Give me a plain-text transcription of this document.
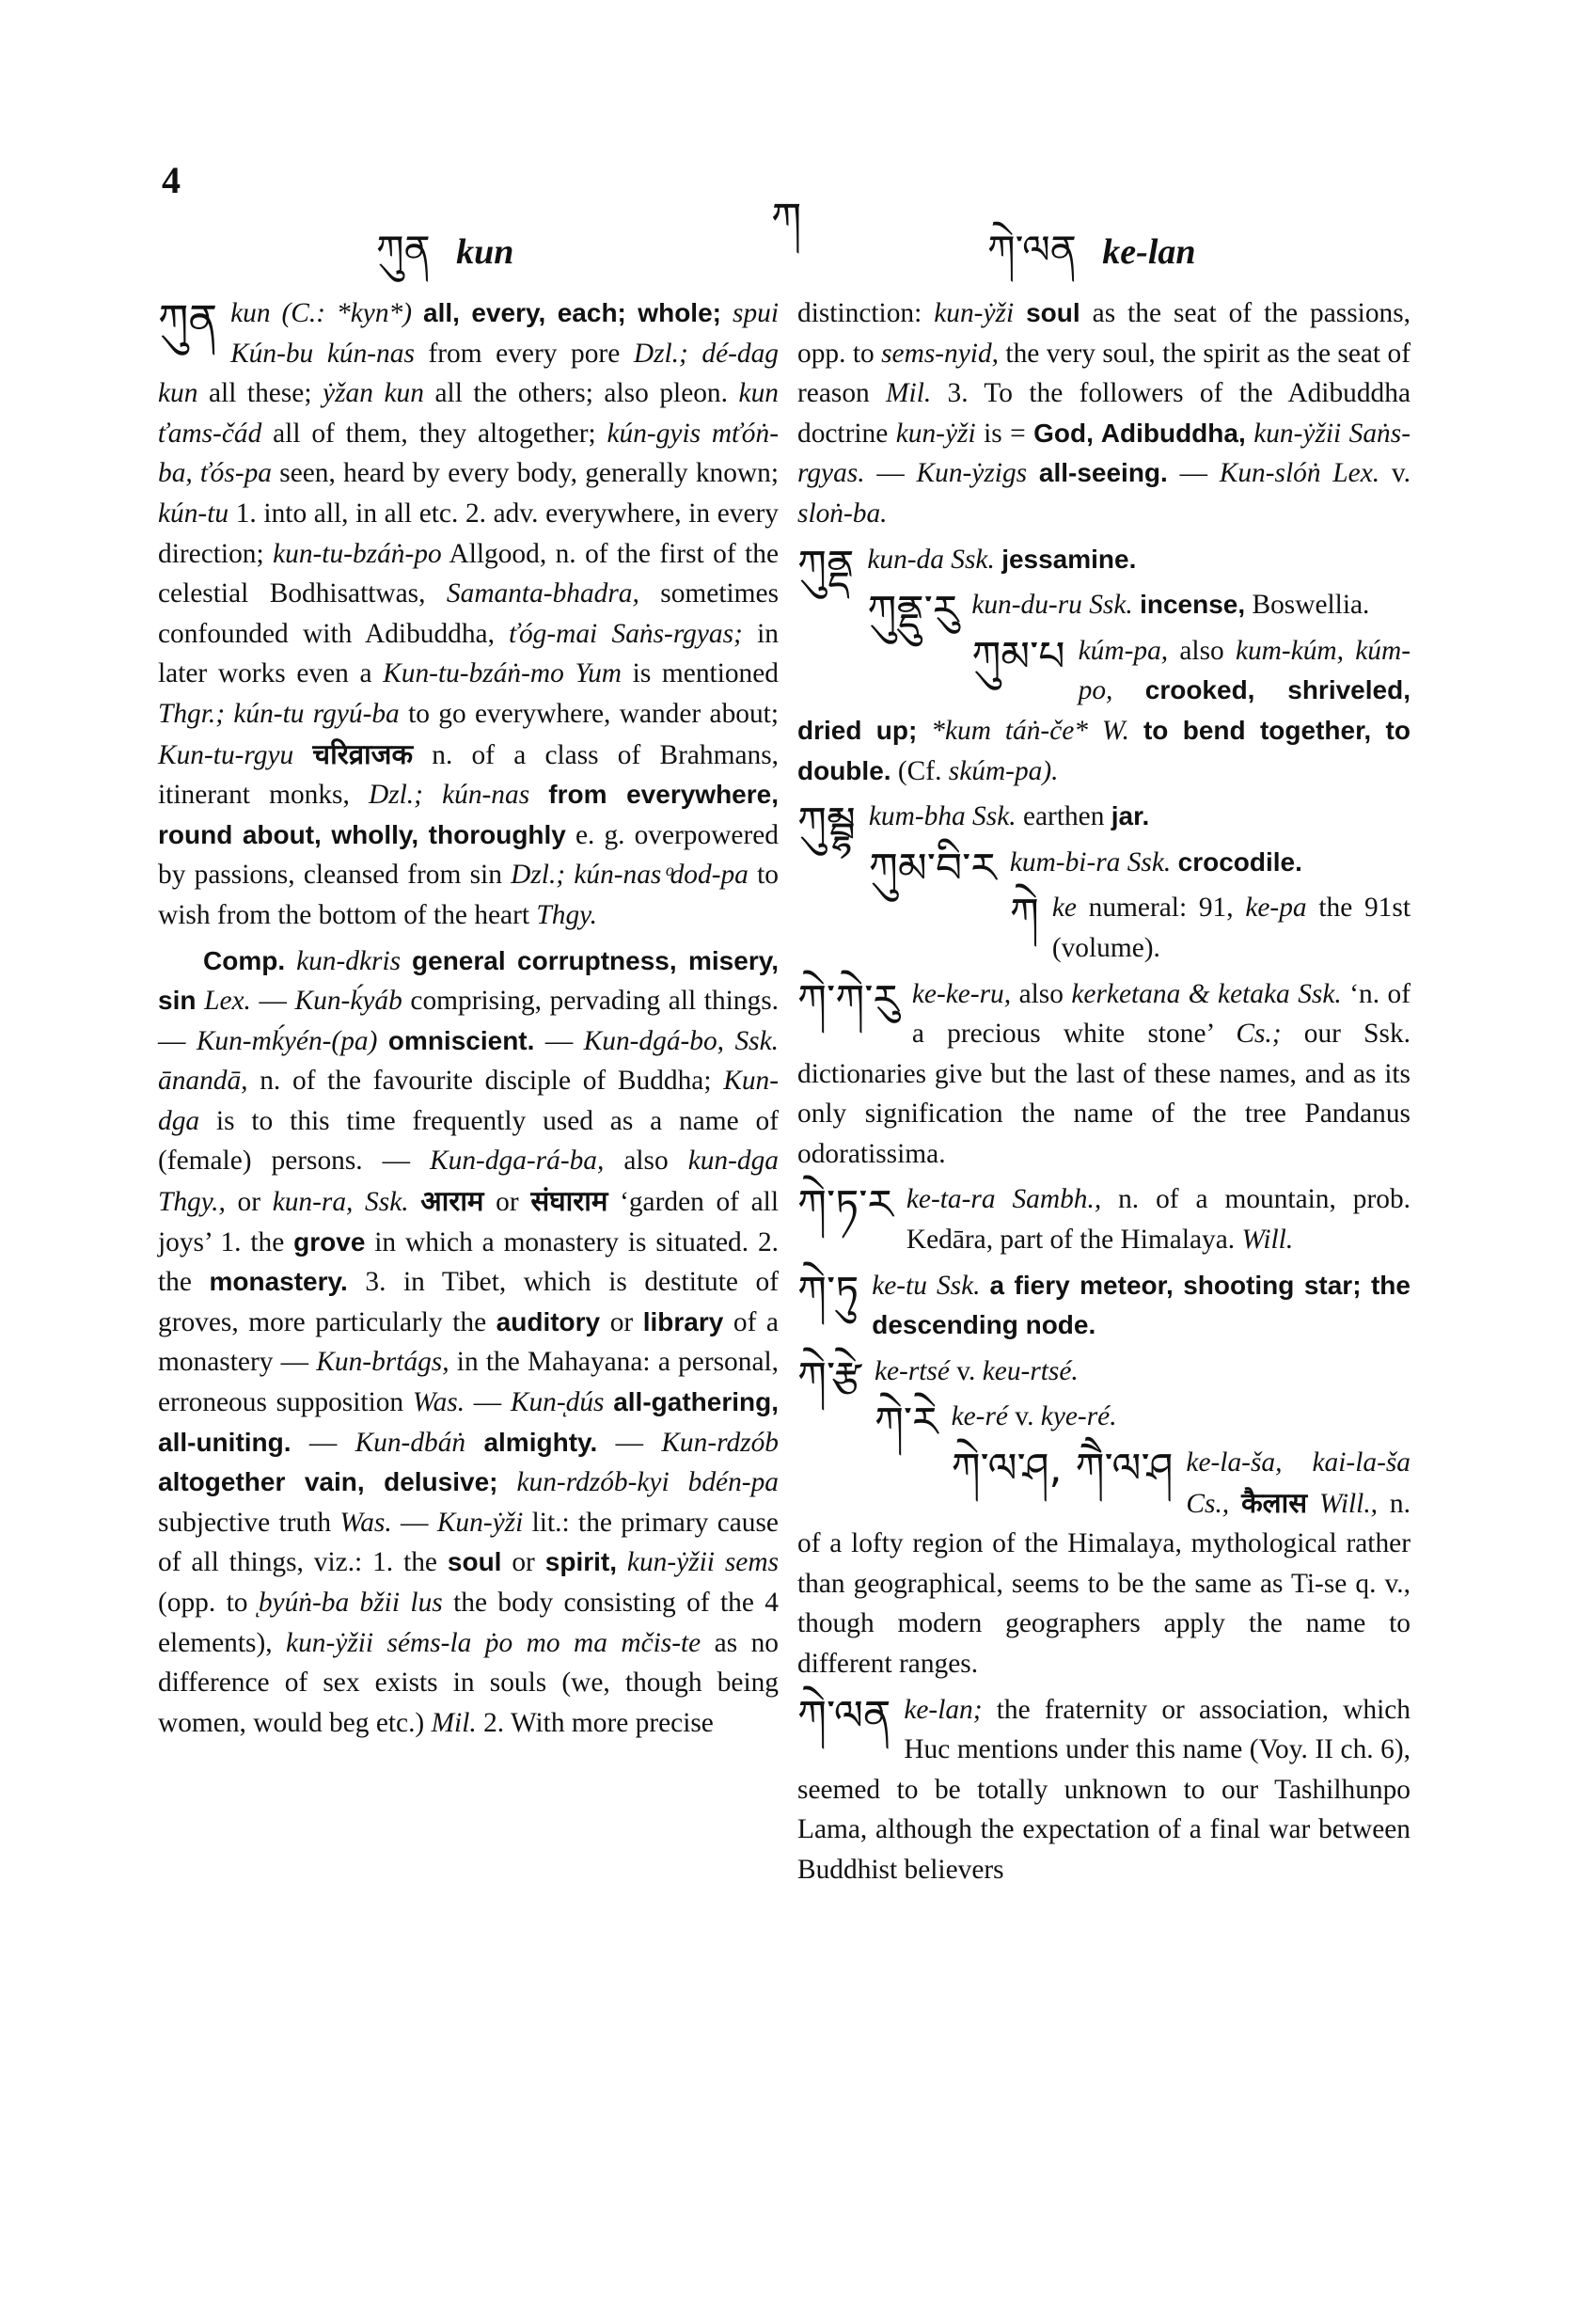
4
ཀ
ཀུན kun	ཀེ་ལན ke-lan

ཀུན kun (C.: *kyn*) all, every, each; whole; spui Kún-bu kún-nas from every pore Dzl.; dé-dag kun all these; ẏžan kun all the others; also pleon. kun ťams-čád all of them, they altogether; kún-gyis mťóṅ-ba, ťós-pa seen, heard by every body, generally known; kún-tu 1. into all, in all etc. 2. adv. everywhere, in every direction; kun-tu-bzáṅ-po Allgood, n. of the first of the celestial Bodhisattwas, Samanta-bhadra, sometimes confounded with Adibuddha, ťóg-mai Saṅs-rgyas; in later works even a Kun-tu-bzáṅ-mo Yum is mentioned Thgr.; kún-tu rgyú-ba to go everywhere, wander about; Kun-tu-rgyu चरिव्राजक n. of a class of Brahmans, itinerant monks, Dzl.; kún-nas from everywhere, round about, wholly, thoroughly e. g. overpowered by passions, cleansed from sin Dzl.; kún-nas ͦdod-pa to wish from the bottom of the heart Thgy.

Comp. kun-dkris general corruptness, misery, sin Lex. — Kun-ḱyáb comprising, pervading all things. — Kun-mḱyén-(pa) omniscient. — Kun-dgá-bo, Ssk. ānandā, n. of the favourite disciple of Buddha; Kun-dga is to this time frequently used as a name of (female) persons. — Kun-dga-rá-ba, also kun-dga Thgy., or kun-ra, Ssk. आराम or संघाराम ‘garden of all joys’ 1. the grove in which a monastery is situated. 2. the monastery. 3. in Tibet, which is destitute of groves, more particularly the auditory or library of a monastery — Kun-brtágs, in the Mahayana: a personal, erroneous supposition Was. — Kun-ͅdús all-gathering, all-uniting. — Kun-dbáṅ almighty. — Kun-rdzób altogether vain, delusive; kun-rdzób-kyi bdén-pa subjective truth Was. — Kun-ẏži lit.: the primary cause of all things, viz.: 1. the soul or spirit, kun-ẏžii sems (opp. to ͅbyúṅ-ba bžii lus the body consisting of the 4 elements), kun-ẏžii séms-la ṗo mo ma mčis-te as no difference of sex exists in souls (we, though being women, would beg etc.) Mil. 2. With more precise

distinction: kun-ẏži soul as the seat of the passions, opp. to sems-nyid, the very soul, the spirit as the seat of reason Mil. 3. To the followers of the Adibuddha doctrine kun-ẏži is = God, Adibuddha, kun-ẏžii Saṅs-rgyas. — Kun-ẏzigs all-seeing. — Kun-slóṅ Lex. v. sloṅ-ba.

ཀུནྡ kun-da Ssk. jessamine.

ཀུནྡུ་རུ kun-du-ru Ssk. incense, Boswellia.

ཀུམ་པ kúm-pa, also kum-kúm, kúm-po, crooked, shriveled, dried up; *kum táṅ-če* W. to bend together, to double. (Cf. skúm-pa).

ཀུམྦྷ kum-bha Ssk. earthen jar.

ཀུམ་བི་ར kum-bi-ra Ssk. crocodile.

ཀེ ke numeral: 91, ke-pa the 91st (volume).

ཀེ་ཀེ་རུ ke-ke-ru, also kerketana & ketaka Ssk. ‘n. of a precious white stone’ Cs.; our Ssk. dictionaries give but the last of these names, and as its only signification the name of the tree Pandanus odoratissima.

ཀེ་ཏ་ར ke-ta-ra Sambh., n. of a mountain, prob. Kedāra, part of the Himalaya. Will.

ཀེ་ཏུ ke-tu Ssk. a fiery meteor, shooting star; the descending node.

ཀེ་རྩེ ke-rtsé v. keu-rtsé.

ཀེ་རེ ke-ré v. kye-ré.

ཀེ་ལ་ཤ, ཀཻ་ལ་ཤ ke-la-ša, kai-la-ša Cs., कैलास Will., n. of a lofty region of the Himalaya, mythological rather than geographical, seems to be the same as Ti-se q. v., though modern geographers apply the name to different ranges.

ཀེ་ལན ke-lan; the fraternity or association, which Huc mentions under this name (Voy. II ch. 6), seemed to be totally unknown to our Tashilhunpo Lama, although the expectation of a final war between Buddhist believers
